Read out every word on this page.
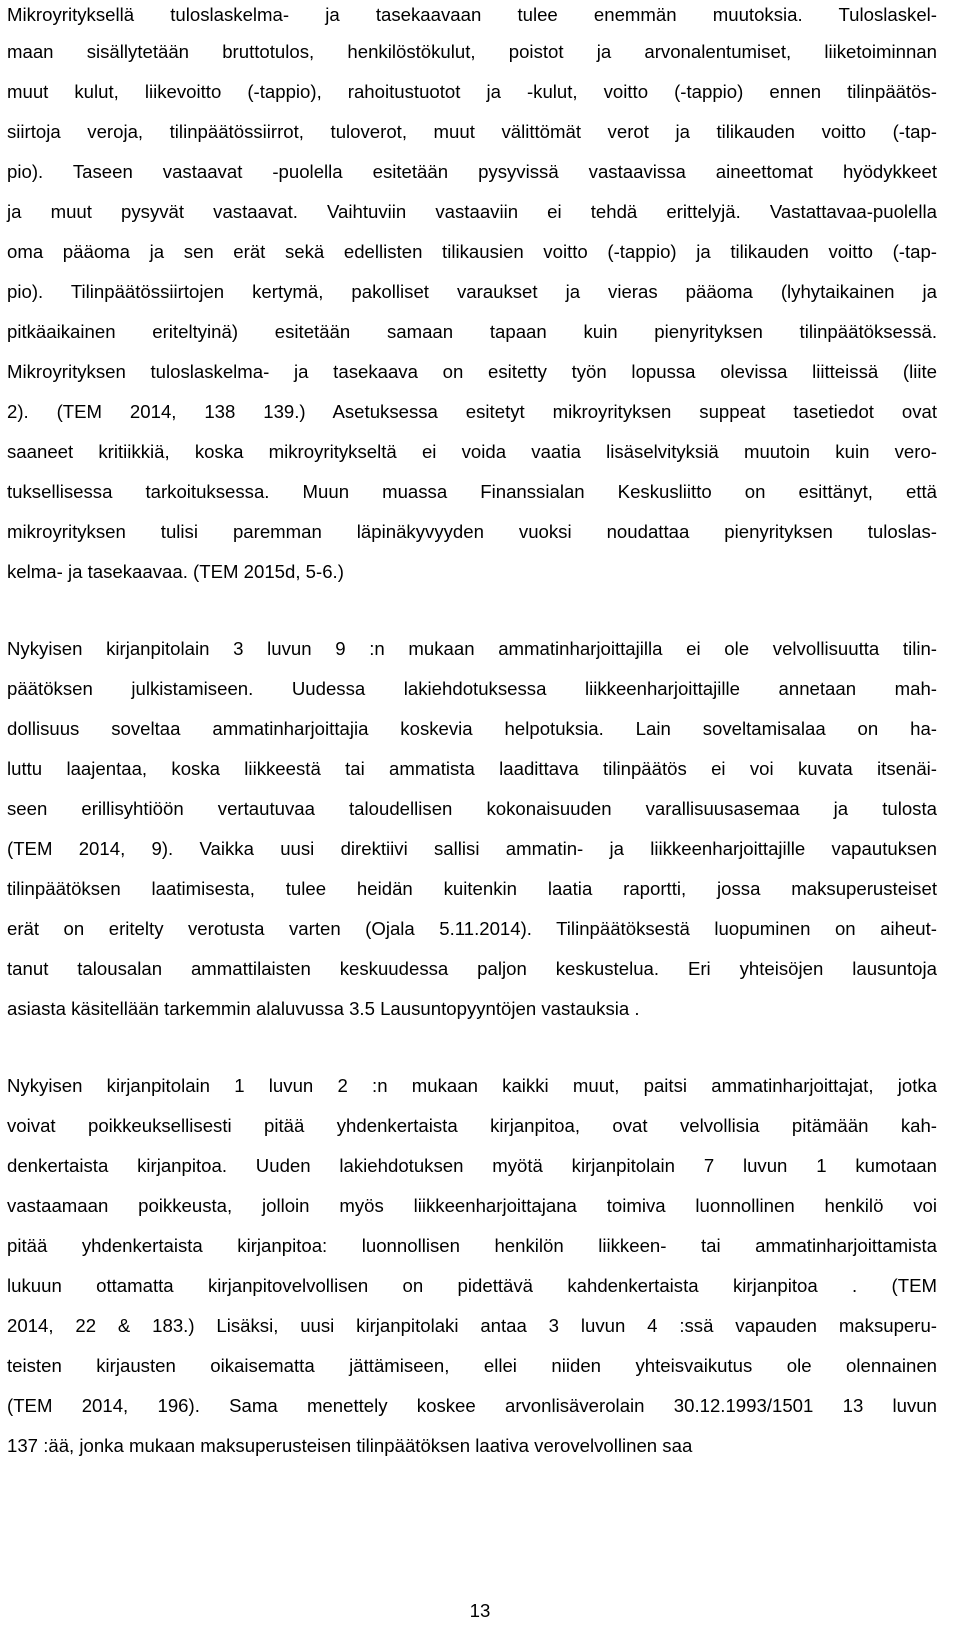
Mikroyrityksellä tuloslaskelma- ja tasekaavaan tulee enemmän muutoksia. Tuloslaskel-
maan sisällytetään bruttotulos, henkilöstökulut, poistot ja arvonalentumiset, liiketoiminnan
muut kulut, liikevoitto (-tappio), rahoitustuotot ja -kulut, voitto (-tappio) ennen tilinpäätös-
siirtoja veroja, tilinpäätössiirrot, tuloverot, muut välittömät verot ja tilikauden voitto (-tap-
pio). Taseen vastaavat -puolella esitetään pysyvissä vastaavissa aineettomat hyödykkeet
ja muut pysyvät vastaavat. Vaihtuviin vastaaviin ei tehdä erittelyjä. Vastattavaa-puolella
oma pääoma ja sen erät sekä edellisten tilikausien voitto (-tappio) ja tilikauden voitto (-tap-
pio). Tilinpäätössiirtojen kertymä, pakolliset varaukset ja vieras pääoma (lyhytaikainen ja
pitkäaikainen eriteltyinä) esitetään samaan tapaan kuin pienyrityksen tilinpäätöksessä.
Mikroyrityksen tuloslaskelma- ja tasekaava on esitetty työn lopussa olevissa liitteissä (liite
2). (TEM 2014, 138 139.) Asetuksessa esitetyt mikroyrityksen suppeat tasetiedot ovat
saaneet kritiikkiä, koska mikroyritykseltä ei voida vaatia lisäselvityksiä muutoin kuin vero-
tuksellisessa tarkoituksessa. Muun muassa Finanssialan Keskusliitto on esittänyt, että
mikroyrityksen tulisi paremman läpinäkyvyyden vuoksi noudattaa pienyrityksen tuloslas-
kelma- ja tasekaavaa. (TEM 2015d, 5-6.)
Nykyisen kirjanpitolain 3 luvun 9 :n mukaan ammatinharjoittajilla ei ole velvollisuutta tilin-
päätöksen julkistamiseen. Uudessa lakiehdotuksessa liikkeenharjoittajille annetaan mah-
dollisuus soveltaa ammatinharjoittajia koskevia helpotuksia. Lain soveltamisalaa on ha-
luttu laajentaa, koska liikkeestä tai ammatista laadittava tilinpäätös ei voi kuvata itsenäi-
seen erillisyhtiöön vertautuvaa taloudellisen kokonaisuuden varallisuusasemaa ja tulosta
(TEM 2014, 9). Vaikka uusi direktiivi sallisi ammatin- ja liikkeenharjoittajille vapautuksen
tilinpäätöksen laatimisesta, tulee heidän kuitenkin laatia raportti, jossa maksuperusteiset
erät on eritelty verotusta varten (Ojala 5.11.2014). Tilinpäätöksestä luopuminen on aiheut-
tanut talousalan ammattilaisten keskuudessa paljon keskustelua. Eri yhteisöjen lausuntoja
asiasta käsitellään tarkemmin alaluvussa 3.5 Lausuntopyyntöjen vastauksia .
Nykyisen kirjanpitolain 1 luvun 2 :n mukaan kaikki muut, paitsi ammatinharjoittajat, jotka
voivat poikkeuksellisesti pitää yhdenkertaista kirjanpitoa, ovat velvollisia pitämään kah-
denkertaista kirjanpitoa. Uuden lakiehdotuksen myötä kirjanpitolain 7 luvun 1 kumotaan
vastaamaan poikkeusta, jolloin myös liikkeenharjoittajana toimiva luonnollinen henkilö voi
pitää yhdenkertaista kirjanpitoa: luonnollisen henkilön liikkeen- tai ammatinharjoittamista
lukuun ottamatta kirjanpitovelvollisen on pidettävä kahdenkertaista kirjanpitoa . (TEM
2014, 22 & 183.) Lisäksi, uusi kirjanpitolaki antaa 3 luvun 4 :ssä vapauden maksuperu-
teisten kirjausten oikaisematta jättämiseen, ellei niiden yhteisvaikutus ole olennainen
(TEM 2014, 196). Sama menettely koskee arvonlisäverolain 30.12.1993/1501 13 luvun
137 :ää, jonka mukaan maksuperusteisen tilinpäätöksen laativa verovelvollinen saa
13
